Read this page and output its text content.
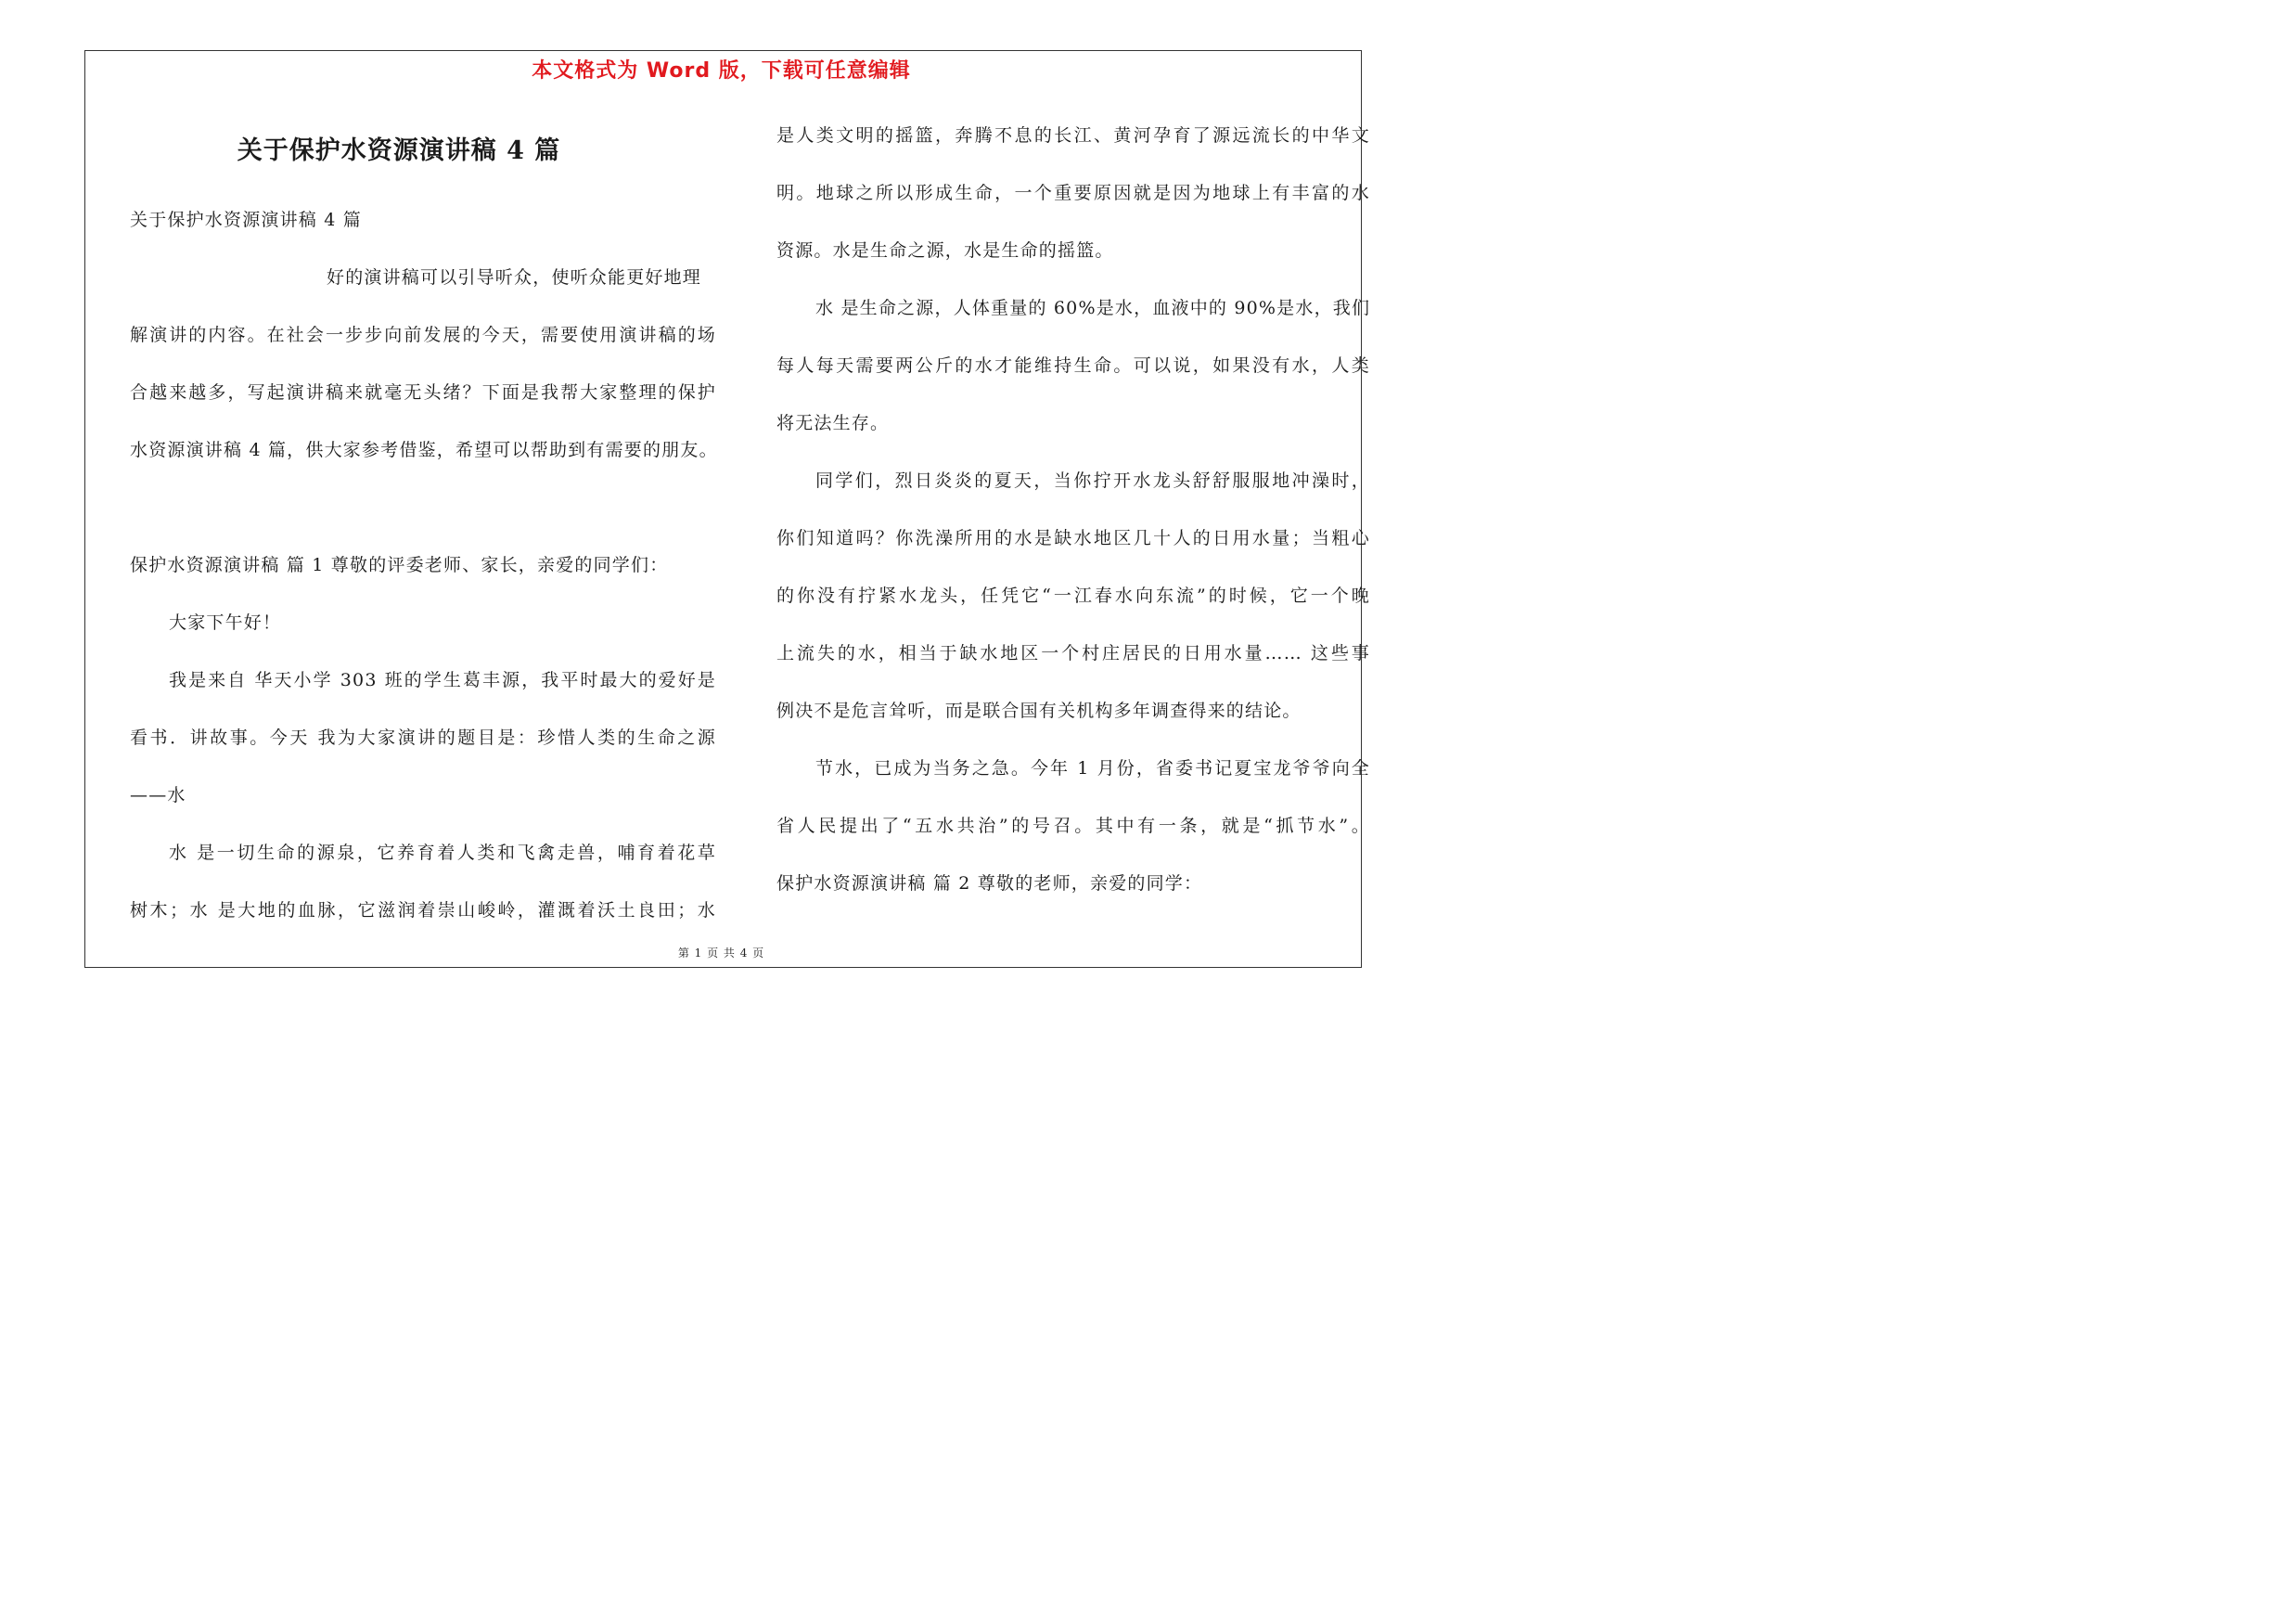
本文格式为 Word 版，下载可任意编辑
关于保护水资源演讲稿 4 篇
关于保护水资源演讲稿 4 篇
好的演讲稿可以引导听众，使听众能更好地理
解演讲的内容。在社会一步步向前发展的今天，需要使用演讲稿的场
合越来越多，写起演讲稿来就毫无头绪？下面是我帮大家整理的保护
水资源演讲稿 4 篇，供大家参考借鉴，希望可以帮助到有需要的朋友。
保护水资源演讲稿 篇 1 尊敬的评委老师、家长，亲爱的同学们：
大家下午好！
我是来自 华天小学 303 班的学生葛丰源，我平时最大的爱好是
看书．讲故事。今天 我为大家演讲的题目是：珍惜人类的生命之源
——水
水 是一切生命的源泉，它养育着人类和飞禽走兽，哺育着花草
树木；水 是大地的血脉，它滋润着崇山峻岭，灌溉着沃土良田；水
是人类文明的摇篮，奔腾不息的长江、黄河孕育了源远流长的中华文
明。地球之所以形成生命，一个重要原因就是因为地球上有丰富的水
资源。水是生命之源，水是生命的摇篮。
水 是生命之源，人体重量的 60%是水，血液中的 90%是水，我们
每人每天需要两公斤的水才能维持生命。可以说，如果没有水，人类
将无法生存。
同学们，烈日炎炎的夏天，当你拧开水龙头舒舒服服地冲澡时，
你们知道吗？你洗澡所用的水是缺水地区几十人的日用水量；当粗心
的你没有拧紧水龙头，任凭它“一江春水向东流”的时候，它一个晚
上流失的水，相当于缺水地区一个村庄居民的日用水量…… 这些事
例决不是危言耸听，而是联合国有关机构多年调查得来的结论。
节水，已成为当务之急。今年 1 月份，省委书记夏宝龙爷爷向全
省人民提出了“五水共治”的号召。其中有一条，就是“抓节水”。
保护水资源演讲稿 篇 2 尊敬的老师，亲爱的同学：
第 1 页 共 4 页
